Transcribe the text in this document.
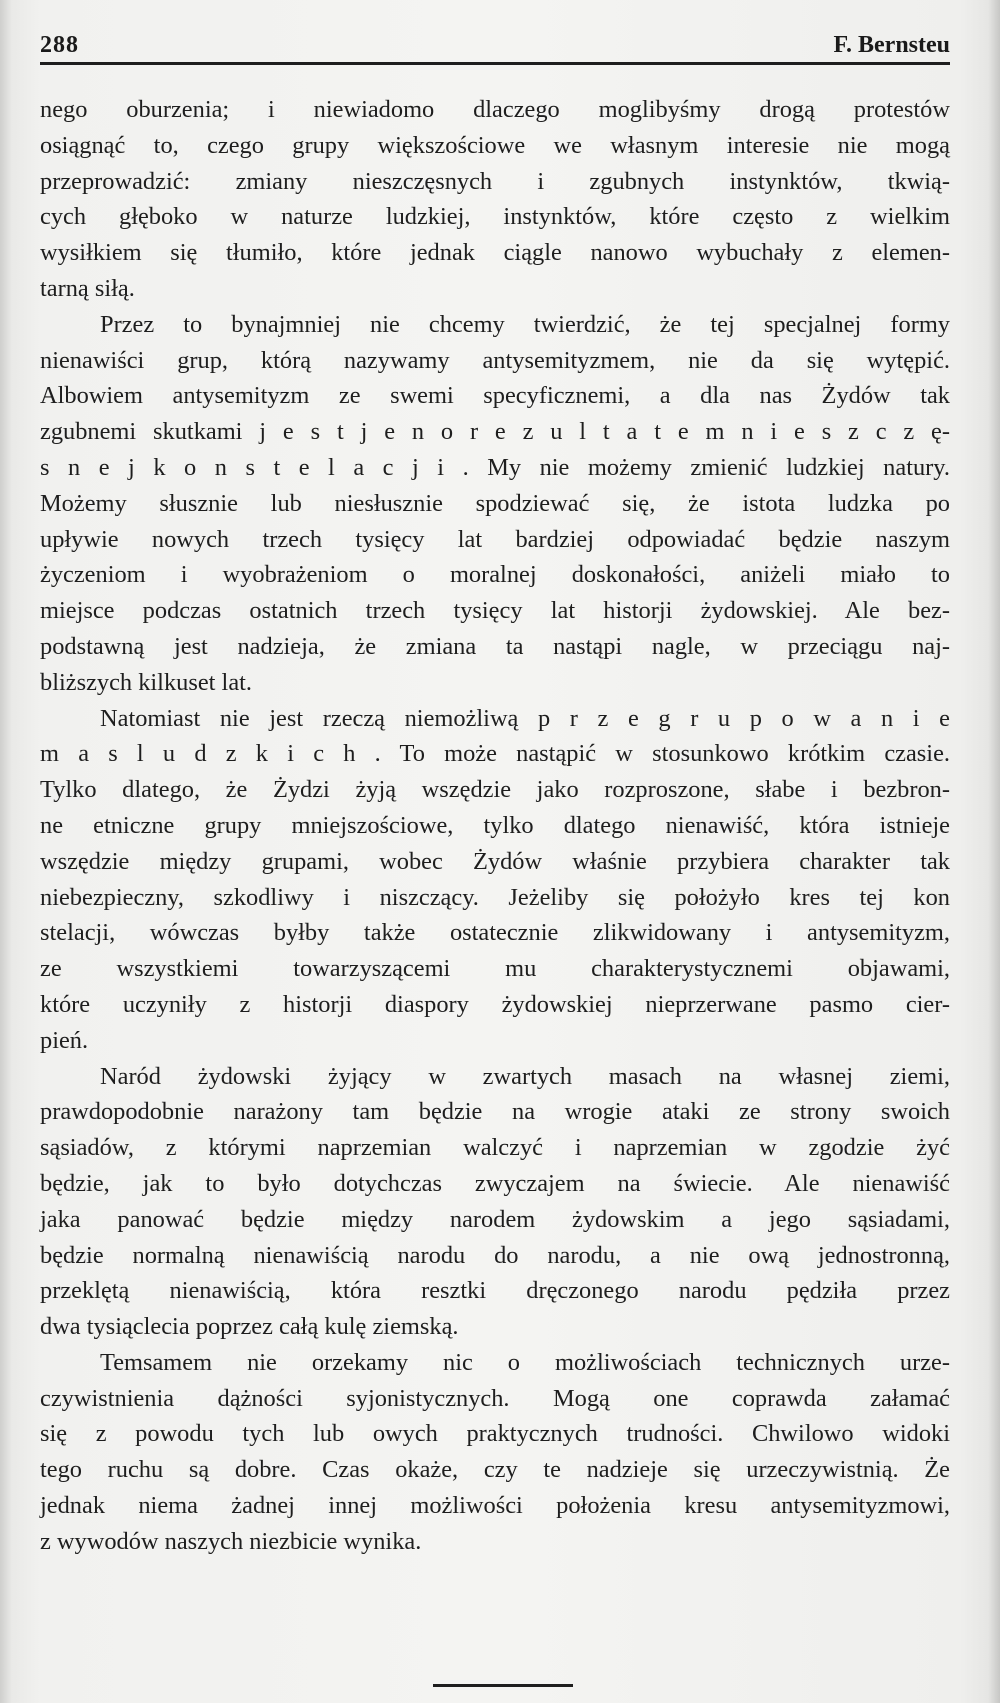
288	F. Bernsteu

nego oburzenia; i niewiadomo dlaczego moglibyśmy drogą protestów
osiągnąć to, czego grupy większościowe we własnym interesie nie mogą
przeprowadzić: zmiany nieszczęsnych i zgubnych instynktów, tkwią-
cych głęboko w naturze ludzkiej, instynktów, które często z wielkim
wysiłkiem się tłumiło, które jednak ciągle nanowo wybuchały z elemen-
tarną siłą.

Przez to bynajmniej nie chcemy twierdzić, że tej specjalnej formy
nienawiści grup, którą nazywamy antysemityzmem, nie da się wytępić.
Albowiem antysemityzm ze swemi specyficznemi, a dla nas Żydów tak
zgubnemi skutkami j e s t j e n o r e z u l t a t e m n i e s z c z ę-
s n e j k o n s t e l a c j i . My nie możemy zmienić ludzkiej natury.
Możemy słusznie lub niesłusznie spodziewać się, że istota ludzka po
upływie nowych trzech tysięcy lat bardziej odpowiadać będzie naszym
życzeniom i wyobrażeniom o moralnej doskonałości, aniżeli miało to
miejsce podczas ostatnich trzech tysięcy lat historji żydowskiej. Ale bez-
podstawną jest nadzieja, że zmiana ta nastąpi nagle, w przeciągu naj-
bliższych kilkuset lat.

Natomiast nie jest rzeczą niemożliwą p r z e g r u p o w a n i e
m a s l u d z k i c h . To może nastąpić w stosunkowo krótkim czasie.
Tylko dlatego, że Żydzi żyją wszędzie jako rozproszone, słabe i bezbron-
ne etniczne grupy mniejszościowe, tylko dlatego nienawiść, która istnieje
wszędzie między grupami, wobec Żydów właśnie przybiera charakter tak
niebezpieczny, szkodliwy i niszczący. Jeżeliby się położyło kres tej kon
stelacji, wówczas byłby także ostatecznie zlikwidowany i antysemityzm,
ze wszystkiemi towarzyszącemi mu charakterystycznemi objawami,
które uczyniły z historji diaspory żydowskiej nieprzerwane pasmo cier-
pień.

Naród żydowski żyjący w zwartych masach na własnej ziemi,
prawdopodobnie narażony tam będzie na wrogie ataki ze strony swoich
sąsiadów, z którymi naprzemian walczyć i naprzemian w zgodzie żyć
będzie, jak to było dotychczas zwyczajem na świecie. Ale nienawiść
jaka panować będzie między narodem żydowskim a jego sąsiadami,
będzie normalną nienawiścią narodu do narodu, a nie ową jednostronną,
przeklętą nienawiścią, która resztki dręczonego narodu pędziła przez
dwa tysiąclecia poprzez całą kulę ziemską.

Temsamem nie orzekamy nic o możliwościach technicznych urze-
czywistnienia dążności syjonistycznych. Mogą one coprawda załamać
się z powodu tych lub owych praktycznych trudności. Chwilowo widoki
tego ruchu są dobre. Czas okaże, czy te nadzieje się urzeczywistnią. Że
jednak niema żadnej innej możliwości położenia kresu antysemityzmowi,
z wywodów naszych niezbicie wynika.
